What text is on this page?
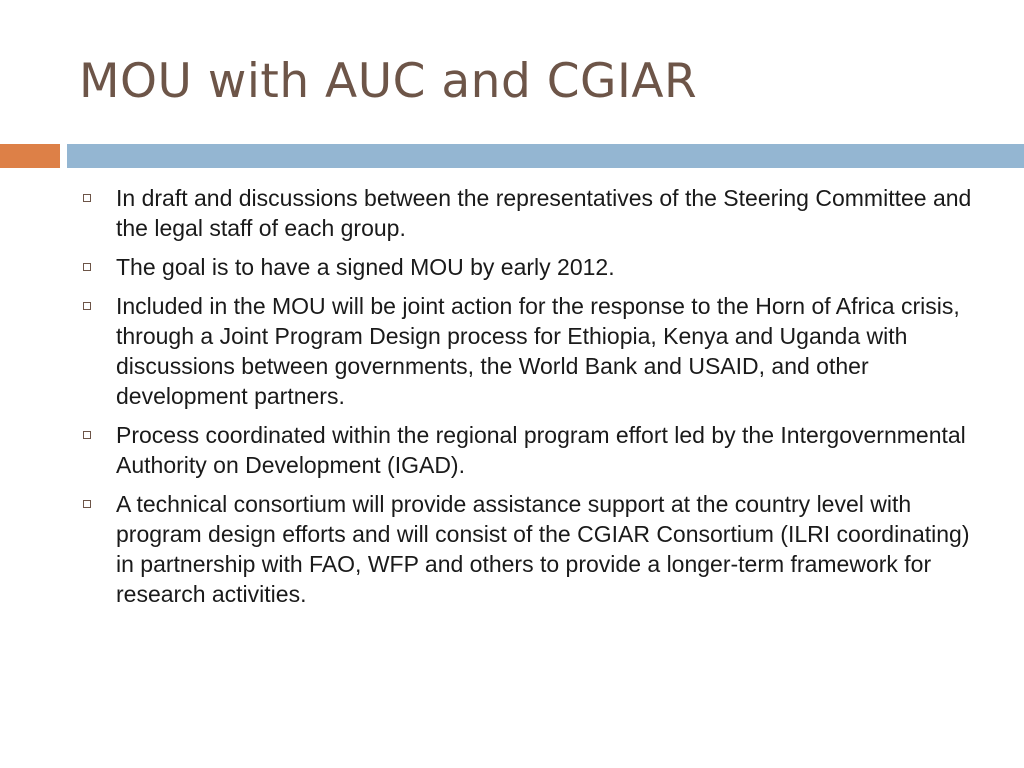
MOU with AUC and CGIAR
In draft and discussions between the representatives of the Steering Committee and the legal staff of each group.
The goal is to have a signed MOU by early 2012.
Included in the MOU will be joint action for the response to the Horn of Africa crisis, through a Joint Program Design process for Ethiopia, Kenya and Uganda with discussions between governments, the World Bank and USAID, and other development partners.
Process coordinated within the regional program effort led by the Intergovernmental Authority on Development (IGAD).
A technical consortium will provide assistance support at the country level with program design efforts and will consist of the CGIAR Consortium (ILRI coordinating) in partnership with FAO, WFP and others to provide a longer-term framework for research activities.
